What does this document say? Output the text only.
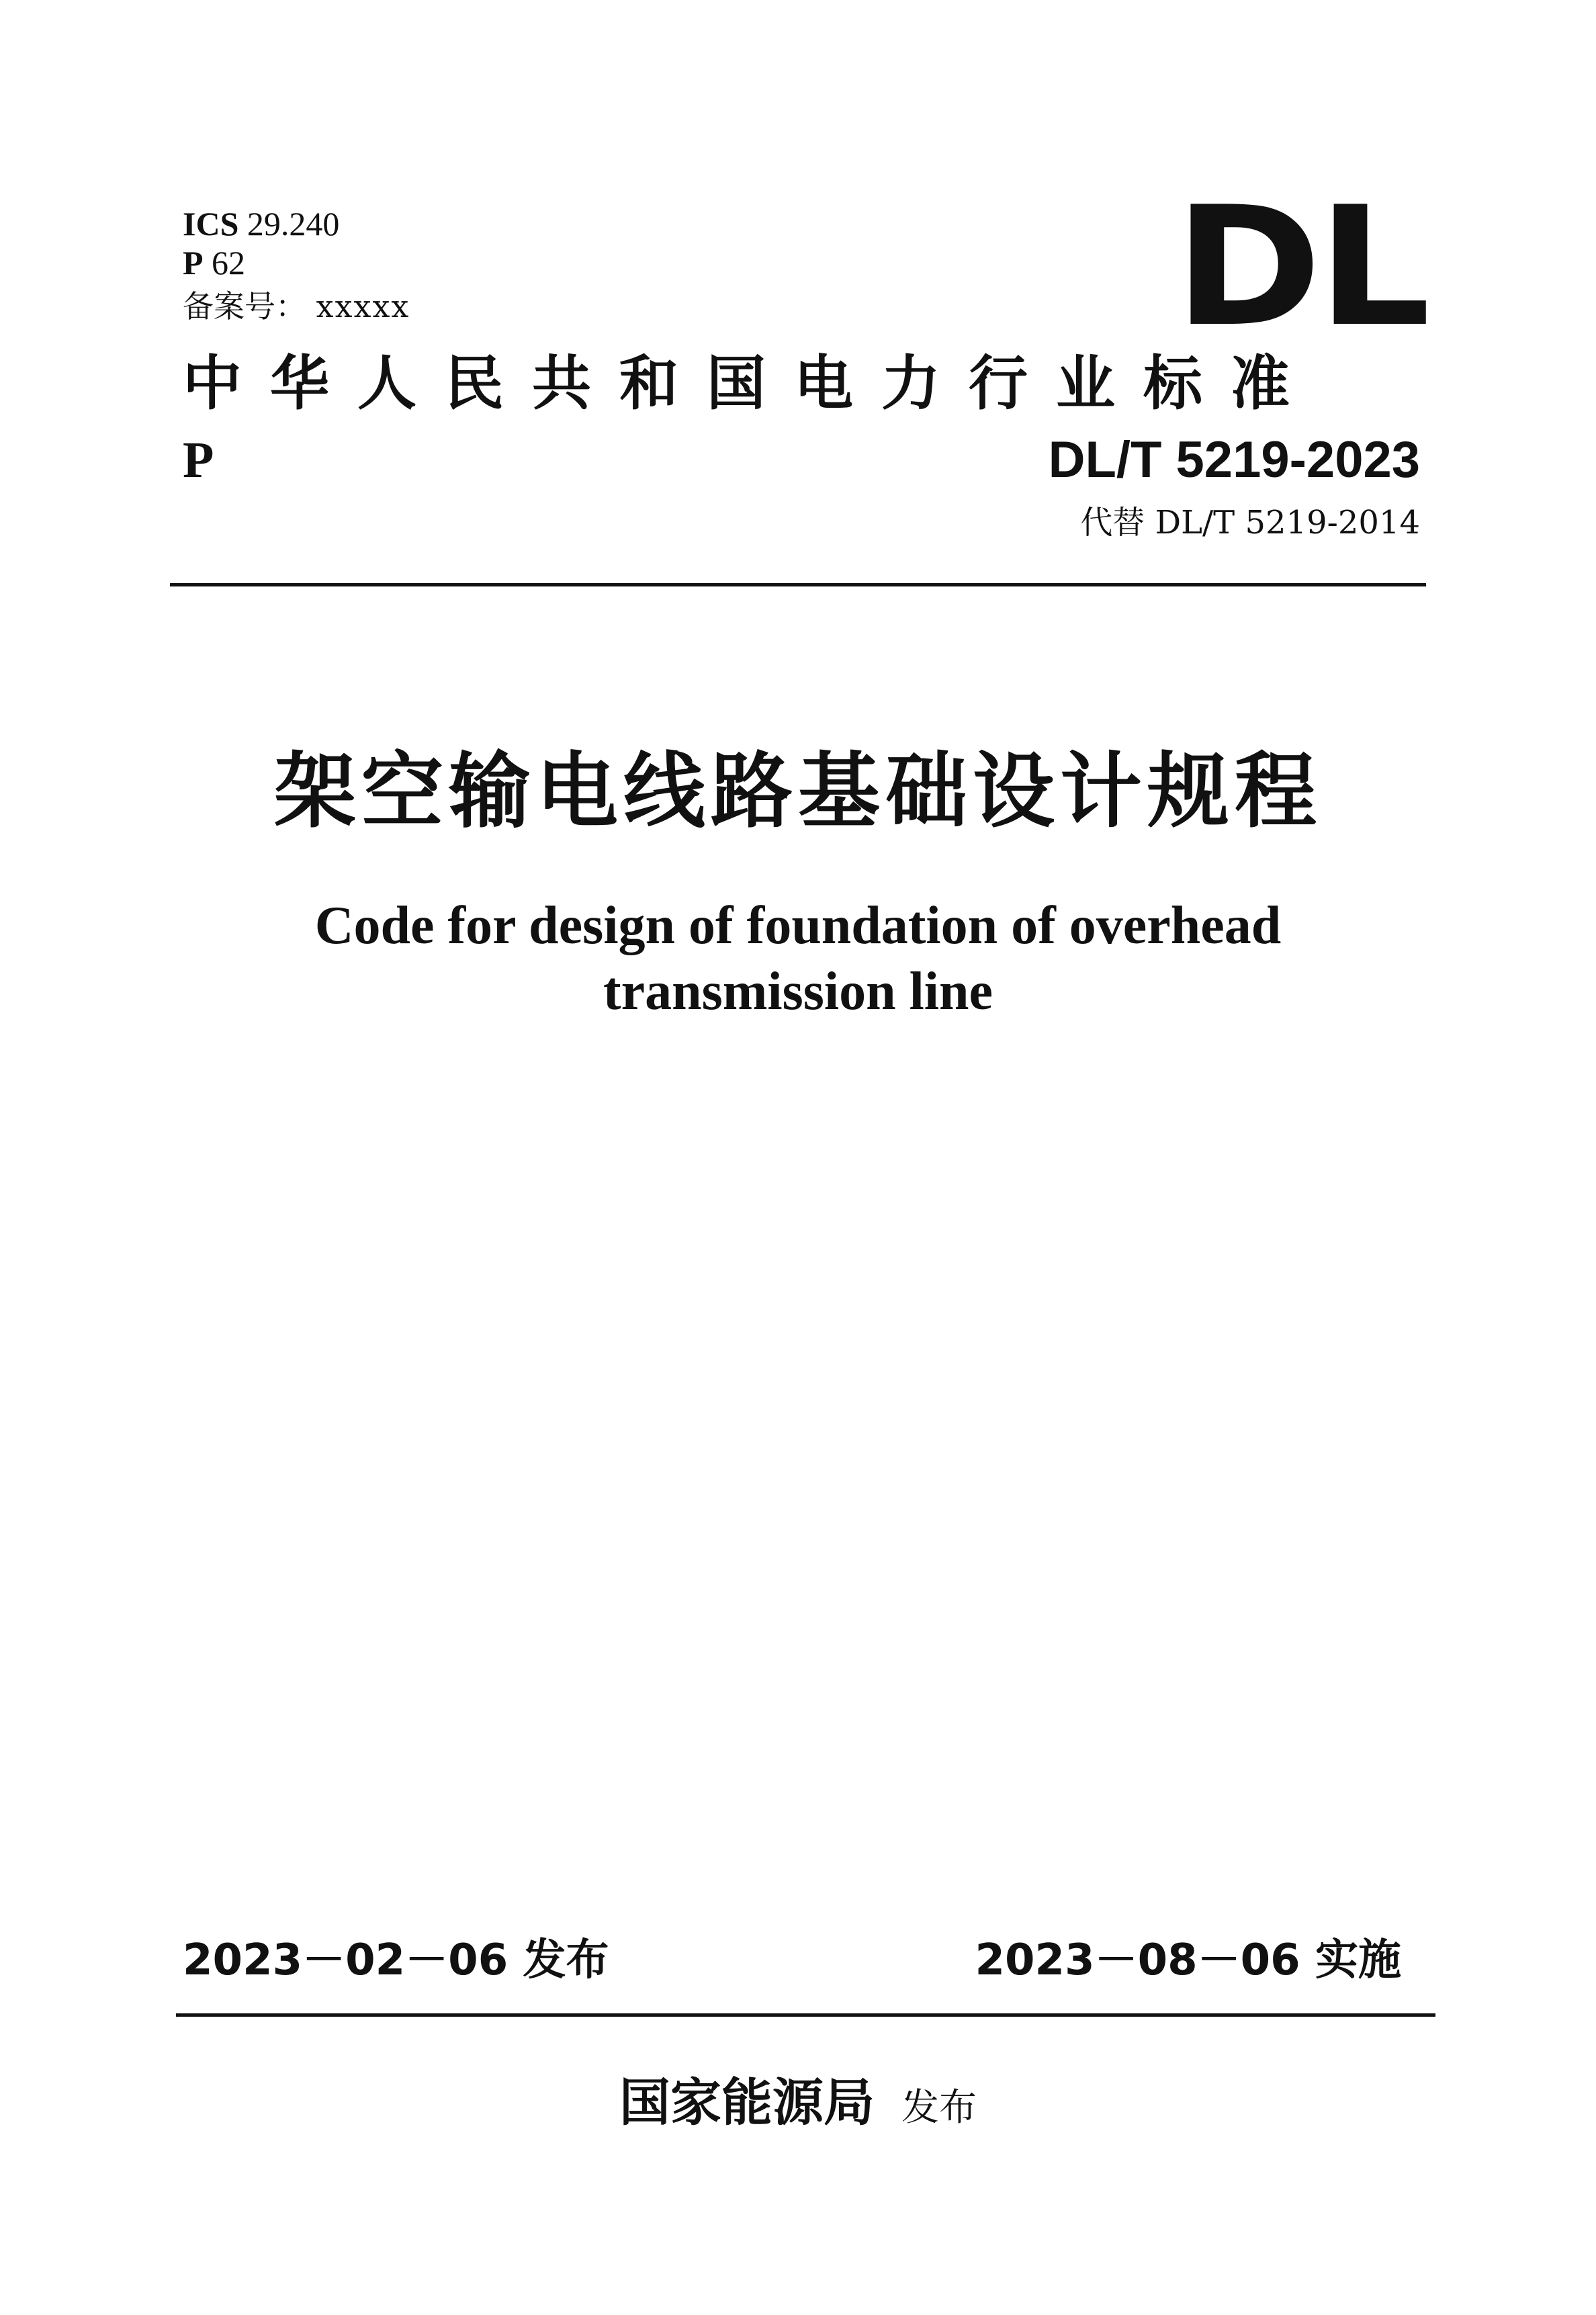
ICS 29.240
P 62
备案号： xxxxx	DL
中华人民共和国电力行业标准
P	DL/T 5219-2023
代替 DL/T 5219-2014
架空输电线路基础设计规程
Code for design of foundation of overhead
transmission line
2023－02－06 发布	2023－08－06 实施
国家能源局 发布
